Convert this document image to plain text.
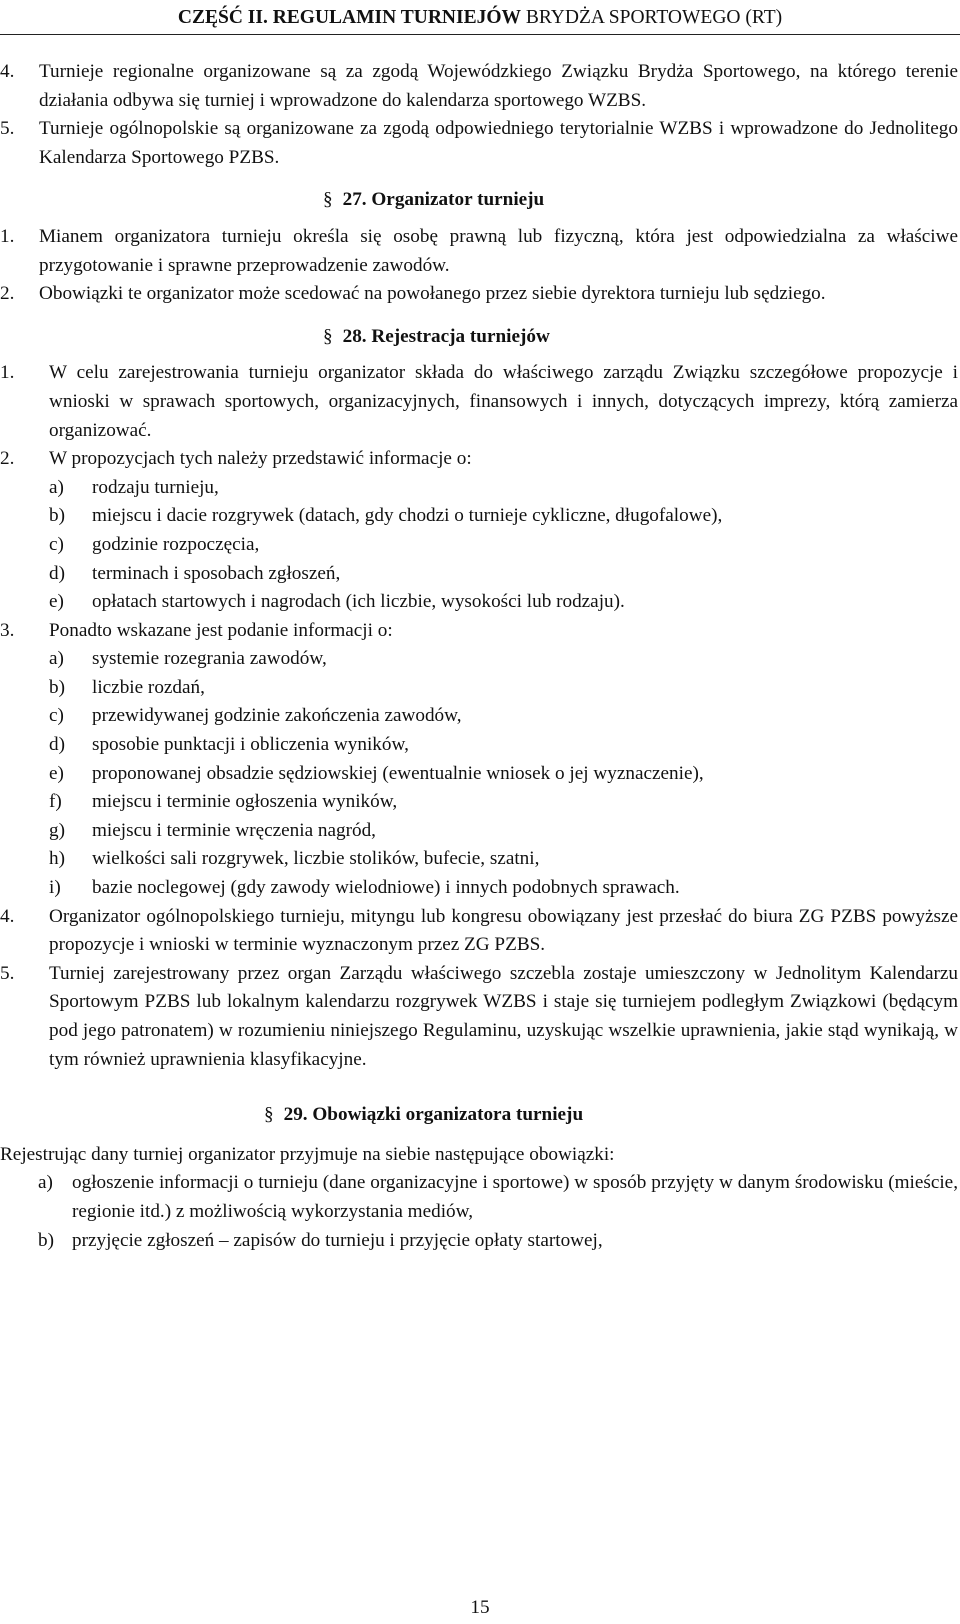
CZĘŚĆ II. REGULAMIN TURNIEJÓW BRYDŻA SPORTOWEGO (RT)

4. Turnieje regionalne organizowane są za zgodą Wojewódzkiego Związku Brydża Sportowego, na którego terenie działania odbywa się turniej i wprowadzone do kalendarza sportowego WZBS.

5. Turnieje ogólnopolskie są organizowane za zgodą odpowiedniego terytorialnie WZBS i wprowadzone do Jednolitego Kalendarza Sportowego PZBS.

§ 27. Organizator turnieju

1. Mianem organizatora turnieju określa się osobę prawną lub fizyczną, która jest odpowiedzialna za właściwe przygotowanie i sprawne przeprowadzenie zawodów.

2. Obowiązki te organizator może scedować na powołanego przez siebie dyrektora turnieju lub sędziego.

§ 28. Rejestracja turniejów

1. W celu zarejestrowania turnieju organizator składa do właściwego zarządu Związku szczegółowe propozycje i wnioski w sprawach sportowych, organizacyjnych, finansowych i innych, dotyczących imprezy, którą zamierza organizować.

2. W propozycjach tych należy przedstawić informacje o:

a) rodzaju turnieju,

b) miejscu i dacie rozgrywek (datach, gdy chodzi o turnieje cykliczne, długofalowe),

c) godzinie rozpoczęcia,

d) terminach i sposobach zgłoszeń,

e) opłatach startowych i nagrodach (ich liczbie, wysokości lub rodzaju).

3. Ponadto wskazane jest podanie informacji o:

a) systemie rozegrania zawodów,

b) liczbie rozdań,

c) przewidywanej godzinie zakończenia zawodów,

d) sposobie punktacji i obliczenia wyników,

e) proponowanej obsadzie sędziowskiej (ewentualnie wniosek o jej wyznaczenie),

f) miejscu i terminie ogłoszenia wyników,

g) miejscu i terminie wręczenia nagród,

h) wielkości sali rozgrywek, liczbie stolików, bufecie, szatni,

i) bazie noclegowej (gdy zawody wielodniowe) i innych podobnych sprawach.

4. Organizator ogólnopolskiego turnieju, mityngu lub kongresu obowiązany jest przesłać do biura ZG PZBS powyższe propozycje i wnioski w terminie wyznaczonym przez ZG PZBS.

5. Turniej zarejestrowany przez organ Zarządu właściwego szczebla zostaje umieszczony w Jednolitym Kalendarzu Sportowym PZBS lub lokalnym kalendarzu rozgrywek WZBS i staje się turniejem podległym Związkowi (będącym pod jego patronatem) w rozumieniu niniejszego Regulaminu, uzyskując wszelkie uprawnienia, jakie stąd wynikają, w tym również uprawnienia klasyfikacyjne.

§ 29. Obowiązki organizatora turnieju

Rejestrując dany turniej organizator przyjmuje na siebie następujące obowiązki:

a) ogłoszenie informacji o turnieju (dane organizacyjne i sportowe) w sposób przyjęty w danym środowisku (mieście, regionie itd.) z możliwością wykorzystania mediów,

b) przyjęcie zgłoszeń – zapisów do turnieju i przyjęcie opłaty startowej,

15
